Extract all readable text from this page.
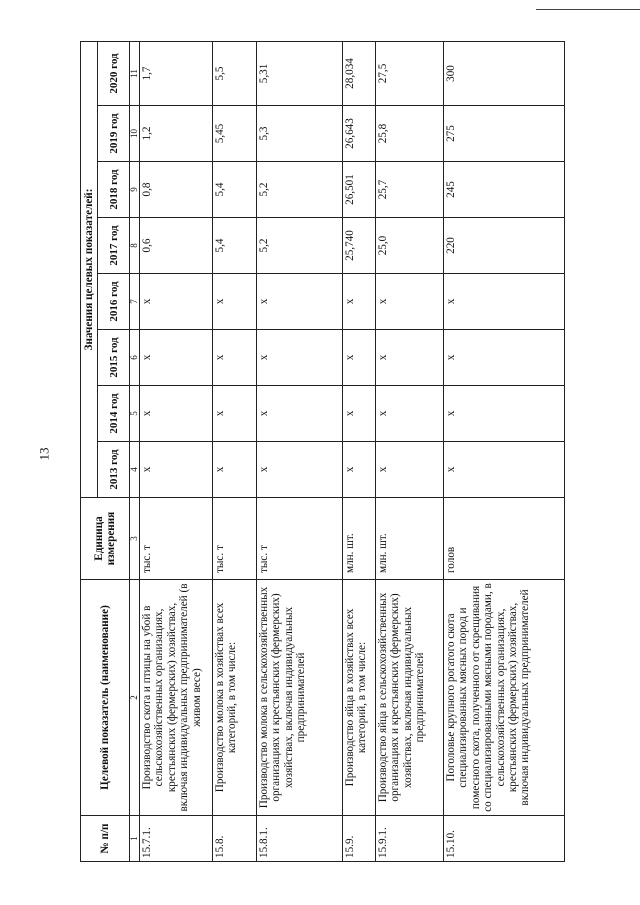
13
№ п/п	Целевой показатель (наименование)	Единица измерения	Значения целевых показателей:							
			2013 год	2014 год	2015 год	2016 год	2017 год	2018 год	2019 год	2020 год
1	2	3	4	5	6	7	8	9	10	11
15.7.1.	Производство скота и птицы на убой в сельскохозяйственных организациях, крестьянских (фермерских) хозяйствах, включая индивидуальных предпринимателей (в живом весе)	тыс. т	х	х	х	х	0,6	0,8	1,2	1,7
15.8.	Производство молока в хозяйствах всех категорий, в том числе:	тыс. т	х	х	х	х	5,4	5,4	5,45	5,5
15.8.1.	Производство молока в сельскохозяйственных организациях и крестьянских (фермерских) хозяйствах, включая индивидуальных предпринимателей	тыс. т	х	х	х	х	5,2	5,2	5,3	5,31
15.9.	Производство яйца в хозяйствах всех категорий, в том числе:	млн. шт.	х	х	х	х	25,740	26,501	26,643	28,034
15.9.1.	Производство яйца в сельскохозяйственных организациях и крестьянских (фермерских) хозяйствах, включая индивидуальных предпринимателей	млн. шт.	х	х	х	х	25,0	25,7	25,8	27,5
15.10.	Поголовье крупного рогатого скота специализированных мясных пород и помесного скота, полученного от скрещивания со специализированными мясными породами, в сельскохозяйственных организациях, крестьянских (фермерских) хозяйствах, включая индивидуальных предпринимателей	голов	х	х	х	х	220	245	275	300
